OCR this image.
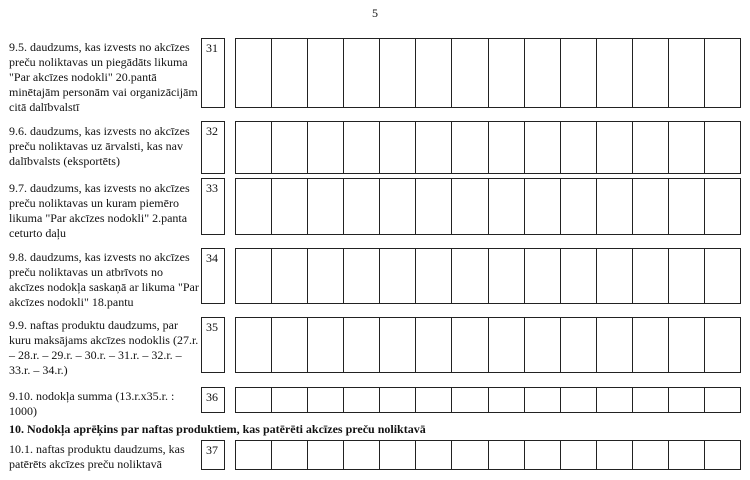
5
9.5. daudzums, kas izvests no akcīzes preču noliktavas un piegādāts likuma "Par akcīzes nodokli" 20.pantā minētajām personām vai organizācijām citā dalībvalstī
31
9.6. daudzums, kas izvests no akcīzes preču noliktavas uz ārvalsti, kas nav dalībvalsts (eksportēts)
32
9.7. daudzums, kas izvests no akcīzes preču noliktavas un kuram piemēro likuma "Par akcīzes nodokli" 2.panta ceturto daļu
33
9.8. daudzums, kas izvests no akcīzes preču noliktavas un atbrīvots no akcīzes nodokļa saskaņā ar likuma "Par akcīzes nodokli" 18.pantu
34
9.9. naftas produktu daudzums, par kuru maksājams akcīzes nodoklis (27.r. – 28.r. – 29.r. – 30.r. – 31.r. – 32.r. – 33.r. – 34.r.)
35
9.10. nodokļa summa (13.r.x35.r. : 1000)
36
10. Nodokļa aprēķins par naftas produktiem, kas patērēti akcīzes preču noliktavā
10.1. naftas produktu daudzums, kas patērēts akcīzes preču noliktavā
37
